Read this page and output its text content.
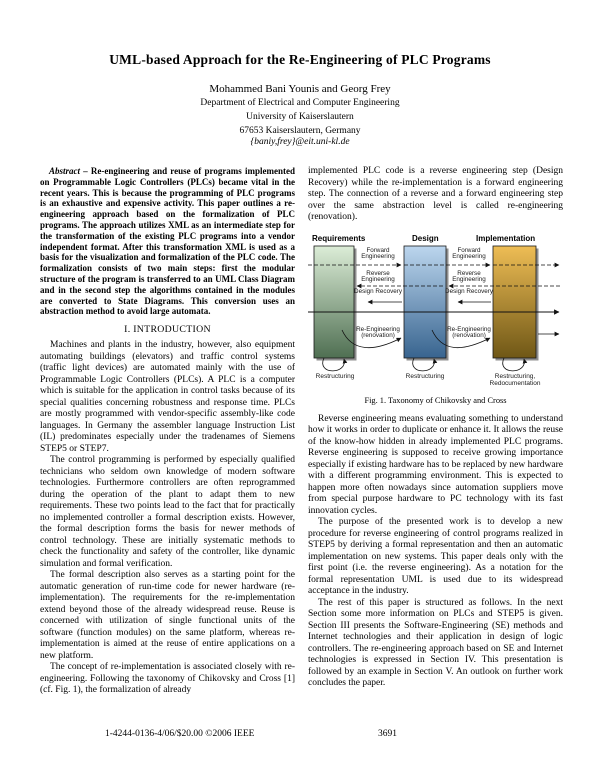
UML-based Approach for the Re-Engineering of PLC Programs
Mohammed Bani Younis and Georg Frey
Department of Electrical and Computer Engineering
University of Kaiserslautern
67653 Kaiserslautern, Germany
{baniy,frey}@eit.uni-kl.de

Abstract – Re-engineering and reuse of programs implemented on Programmable Logic Controllers (PLCs) became vital in the recent years. This is because the programming of PLC programs is an exhaustive and expensive activity. This paper outlines a re-engineering approach based on the formalization of PLC programs. The approach utilizes XML as an intermediate step for the transformation of the existing PLC programs into a vendor independent format. After this transformation XML is used as a basis for the visualization and formalization of the PLC code. The formalization consists of two main steps: first the modular structure of the program is transferred to an UML Class Diagram and in the second step the algorithms contained in the modules are converted to State Diagrams. This conversion uses an abstraction method to avoid large automata.

I. INTRODUCTION

Machines and plants in the industry, however, also equipment automating buildings (elevators) and traffic control systems (traffic light devices) are automated mainly with the use of Programmable Logic Controllers (PLCs). A PLC is a computer which is suitable for the application in control tasks because of its special qualities concerning robustness and response time. PLCs are mostly programmed with vendor-specific assembly-like code languages. In Germany the assembler language Instruction List (IL) predominates especially under the tradenames of Siemens STEP5 or STEP7.

The control programming is performed by especially qualified technicians who seldom own knowledge of modern software technologies. Furthermore controllers are often reprogrammed during the operation of the plant to adapt them to new requirements. These two points lead to the fact that for practically no implemented controller a formal description exists. However, the formal description forms the basis for newer methods of control technology. These are initially systematic methods to check the functionality and safety of the controller, like dynamic simulation and formal verification.

The formal description also serves as a starting point for the automatic generation of run-time code for newer hardware (re-implementation). The requirements for the re-implementation extend beyond those of the already widespread reuse. Reuse is concerned with utilization of single functional units of the software (function modules) on the same platform, whereas re-implementation is aimed at the reuse of entire applications on a new platform.

The concept of re-implementation is associated closely with re-engineering. Following the taxonomy of Chikovsky and Cross [1] (cf. Fig. 1), the formalization of already

implemented PLC code is a reverse engineering step (Design Recovery) while the re-implementation is a forward engineering step. The connection of a reverse and a forward engineering step over the same abstraction level is called re-engineering (renovation).

Requirements	Design	Implementation
Forward Engineering
Reverse Engineering
Design Recovery
Re-Engineering (renovation)
Forward Engineering
Reverse Engineering
Design Recovery
Re-Engineering (renovation)
Restructuring	Restructuring	Restructuring, Redocumentation
Fig. 1. Taxonomy of Chikovsky and Cross

Reverse engineering means evaluating something to understand how it works in order to duplicate or enhance it. It allows the reuse of the know-how hidden in already implemented PLC programs. Reverse engineering is supposed to receive growing importance especially if existing hardware has to be replaced by new hardware with a different programming environment. This is expected to happen more often nowadays since automation suppliers move from special purpose hardware to PC technology with its fast innovation cycles.

The purpose of the presented work is to develop a new procedure for reverse engineering of control programs realized in STEP5 by deriving a formal representation and then an automatic implementation on new systems. This paper deals only with the first point (i.e. the reverse engineering). As a notation for the formal representation UML is used due to its widespread acceptance in the industry.

The rest of this paper is structured as follows. In the next Section some more information on PLCs and STEP5 is given. Section III presents the Software-Engineering (SE) methods and Internet technologies and their application in design of logic controllers. The re-engineering approach based on SE and Internet technologies is expressed in Section IV. This presentation is followed by an example in Section V. An outlook on further work concludes the paper.

1-4244-0136-4/06/$20.00 ©2006 IEEE	3691
